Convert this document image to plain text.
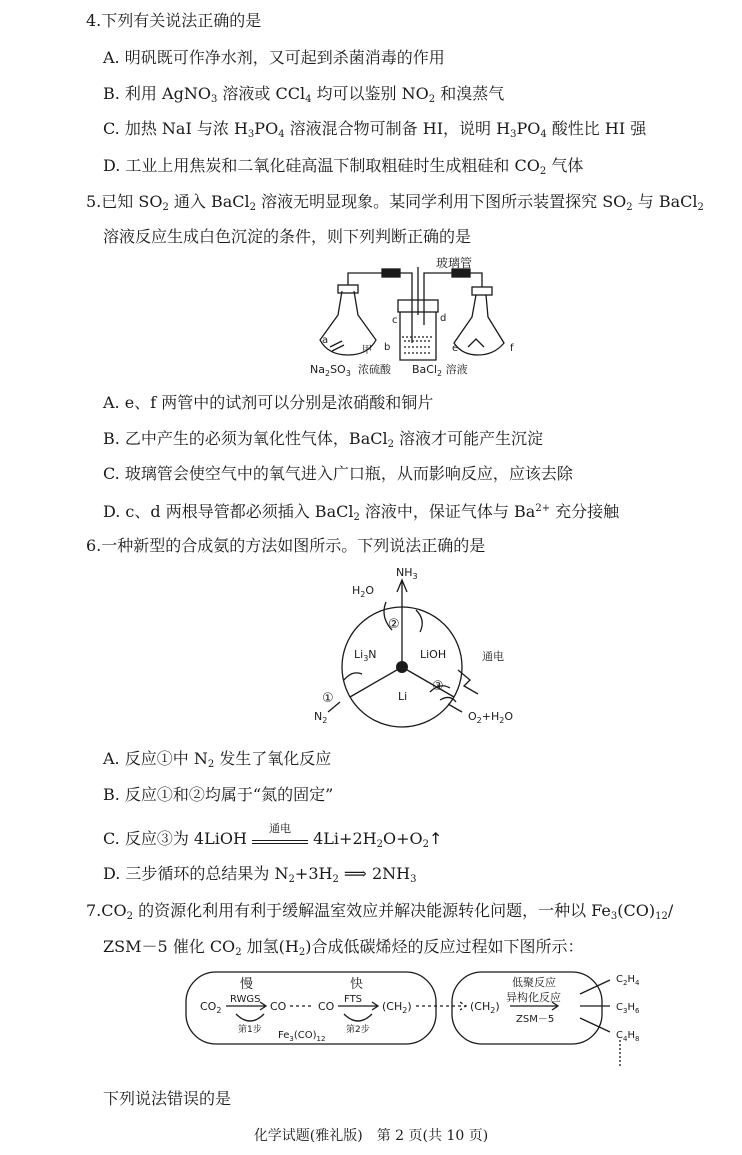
4.下列有关说法正确的是
A. 明矾既可作净水剂，又可起到杀菌消毒的作用
B. 利用 AgNO$_3$ 溶液或 CCl$_4$ 均可以鉴别 $NO_2$ 和溴蒸气
C. 加热 NaI 与浓 $H_3PO_4$ 溶液混合物可制备 HI，说明 $H_3PO_4$ 酸性比 HI 强
D. 工业上用焦炭和二氧化硅高温下制取粗硅时生成粗硅和 $CO_2$ 气体
5.已知 $SO_2$ 通入 BaCl$_2$ 溶液无明显现象。某同学利用下图所示装置探究 $SO_2$ 与 BaCl$_2$
溶液反应生成白色沉淀的条件，则下列判断正确的是
玻璃管
a
b
c	d
e	f
甲
$Na_2SO_3$ 浓硫酸 BaCl$_2$ 溶液
A. e、f 两管中的试剂可以分别是浓硝酸和铜片
B. 乙中产生的必须为氧化性气体，BaCl$_2$ 溶液才可能产生沉淀
C. 玻璃管会使空气中的氧气进入广口瓶，从而影响反应，应该去除
D. c、d 两根导管都必须插入 BaCl$_2$ 溶液中，保证气体与 $Ba^{2+}$ 充分接触
6.一种新型的合成氨的方法如图所示。下列说法正确的是
$NH_3$
$H_2O$
$Li_3N$	LiOH
Li
通电
$N_2$	$O_2+H_2O$
①
②
③
A. 反应①中 $N_2$ 发生了氧化反应
B. 反应①和②均属于“氮的固定”
C. 反应③为 4LiOH
通电
$4Li+2H_2O+O_2↑$
D. 三步循环的总结果为 $N_2+3H_2$ ⟹ $2NH_3$
$7.CO_2$ 的资源化利用有利于缓解温室效应并解决能源转化问题，一种以 $Fe_3(CO)_{12}/$
ZSM－5 催化 $CO_2$ 加氢$(H_2)$合成低碳烯烃的反应过程如下图所示：
慢	快
$CO_2$
RWGS
CO	CO
FTS
$(CH_2)$	$(CH_2)$
第1步	第2步
$Fe_3(CO)_{12}$
低聚反应
异构化反应
ZSM－5
$C_2H_4$
$C_3H_6$
$C_4H_8$
下列说法错误的是
化学试题(雅礼版)　第 2 页(共 10 页)
